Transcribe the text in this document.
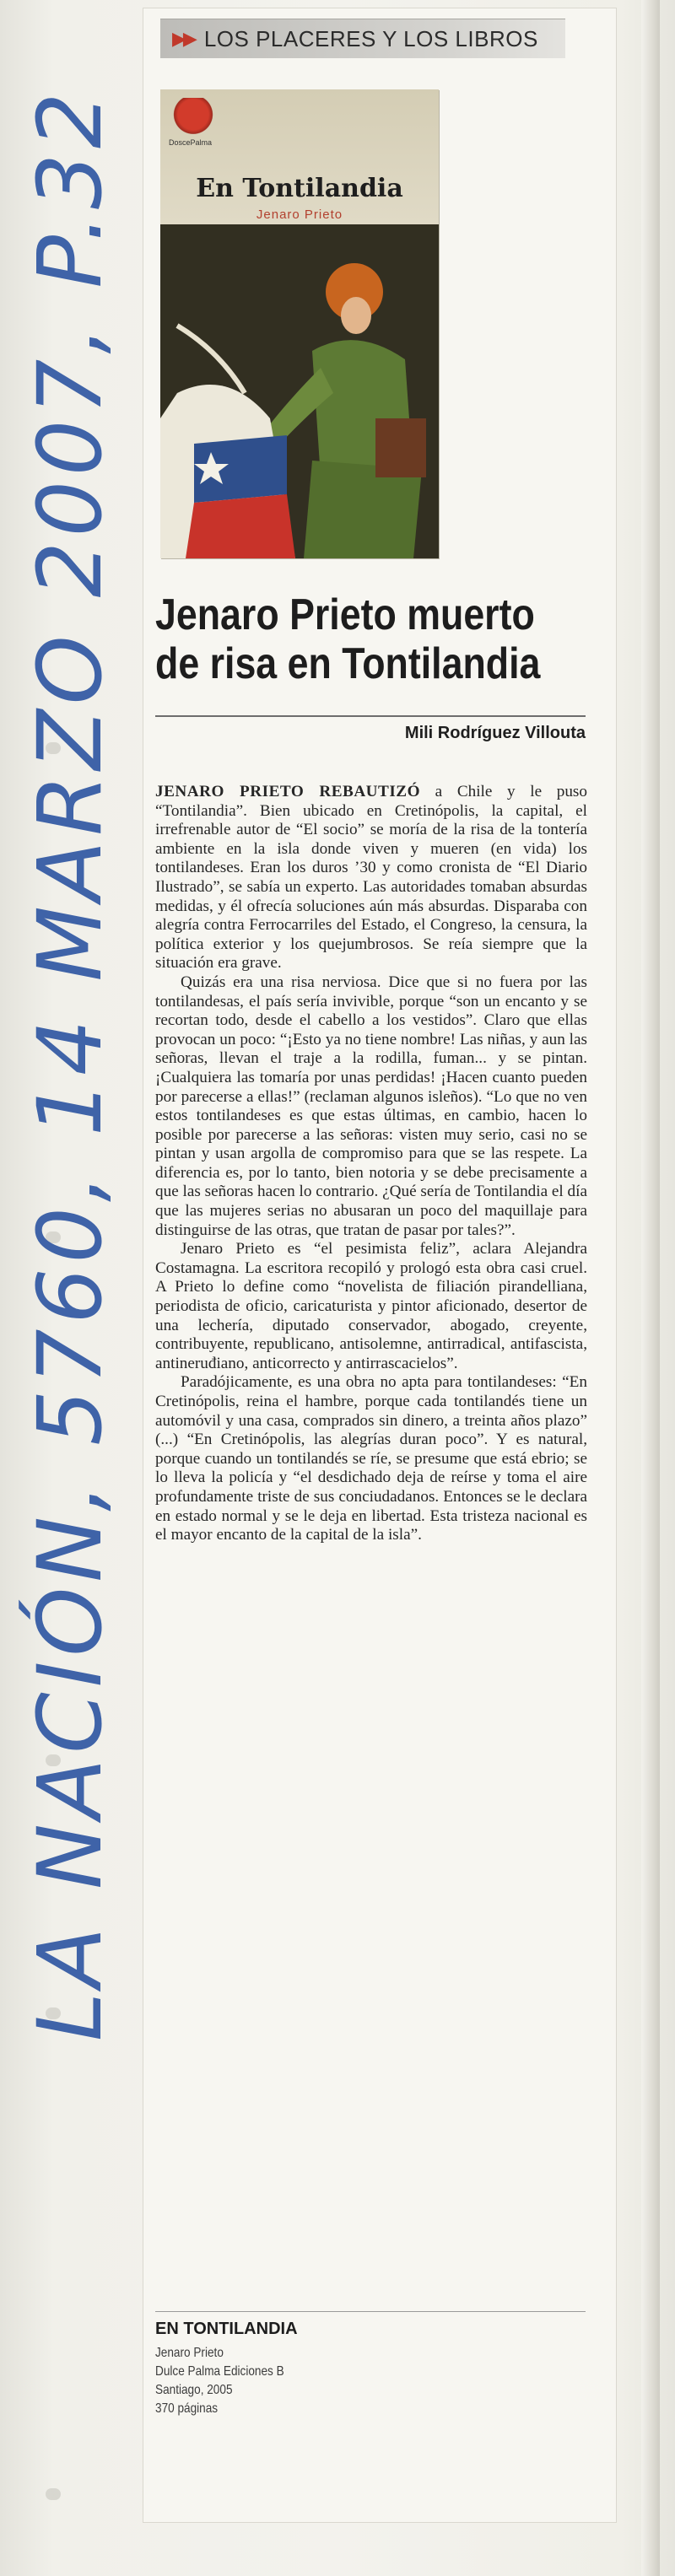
LA NACIÓN, 5760, 14 MARZO 2007, P.32
▶▶ LOS PLACERES Y LOS LIBROS
DoscePalma
En Tontilandia
Jenaro Prieto
Jenaro Prieto muerto
de risa en Tontilandia
Mili Rodríguez Villouta

JENARO PRIETO REBAUTIZÓ a Chile y le puso “Tontilandia”. Bien ubicado en Cretinópolis, la capital, el irrefrenable autor de “El socio” se moría de la risa de la tontería ambiente en la isla donde viven y mueren (en vida) los tontilandeses. Eran los duros ’30 y como cronista de “El Diario Ilustrado”, se sabía un experto. Las autoridades tomaban absurdas medidas, y él ofrecía soluciones aún más absurdas. Disparaba con alegría contra Ferrocarriles del Estado, el Congreso, la censura, la política exterior y los quejumbrosos. Se reía siempre que la situación era grave.

Quizás era una risa nerviosa. Dice que si no fuera por las tontilandesas, el país sería invivible, porque “son un encanto y se recortan todo, desde el cabello a los vestidos”. Claro que ellas provocan un poco: “¡Esto ya no tiene nombre! Las niñas, y aun las señoras, llevan el traje a la rodilla, fuman... y se pintan. ¡Cualquiera las tomaría por unas perdidas! ¡Hacen cuanto pueden por parecerse a ellas!” (reclaman algunos isleños). “Lo que no ven estos tontilandeses es que estas últimas, en cambio, hacen lo posible por parecerse a las señoras: visten muy serio, casi no se pintan y usan argolla de compromiso para que se las respete. La diferencia es, por lo tanto, bien notoria y se debe precisamente a que las señoras hacen lo contrario. ¿Qué sería de Tontilandia el día que las mujeres serias no abusaran un poco del maquillaje para distinguirse de las otras, que tratan de pasar por tales?”.

Jenaro Prieto es “el pesimista feliz”, aclara Alejandra Costamagna. La escritora recopiló y prologó esta obra casi cruel. A Prieto lo define como “novelista de filiación pirandelliana, periodista de oficio, caricaturista y pintor aficionado, desertor de una lechería, diputado conservador, abogado, creyente, contribuyente, republicano, antisolemne, antirradical, antifascista, antineruđiano, anticorrecto y antirrascacielos”.

Paradójicamente, es una obra no apta para tontilandeses: “En Cretinópolis, reina el hambre, porque cada tontilandés tiene un automóvil y una casa, comprados sin dinero, a treinta años plazo” (...) “En Cretinópolis, las alegrías duran poco”. Y es natural, porque cuando un tontilandés se ríe, se presume que está ebrio; se lo lleva la policía y “el desdichado deja de reírse y toma el aire profundamente triste de sus conciudadanos. Entonces se le declara en estado normal y se le deja en libertad. Esta tristeza nacional es el mayor encanto de la capital de la isla”.

EN TONTILANDIA
Jenaro Prieto
Dulce Palma Ediciones B
Santiago, 2005
370 páginas
